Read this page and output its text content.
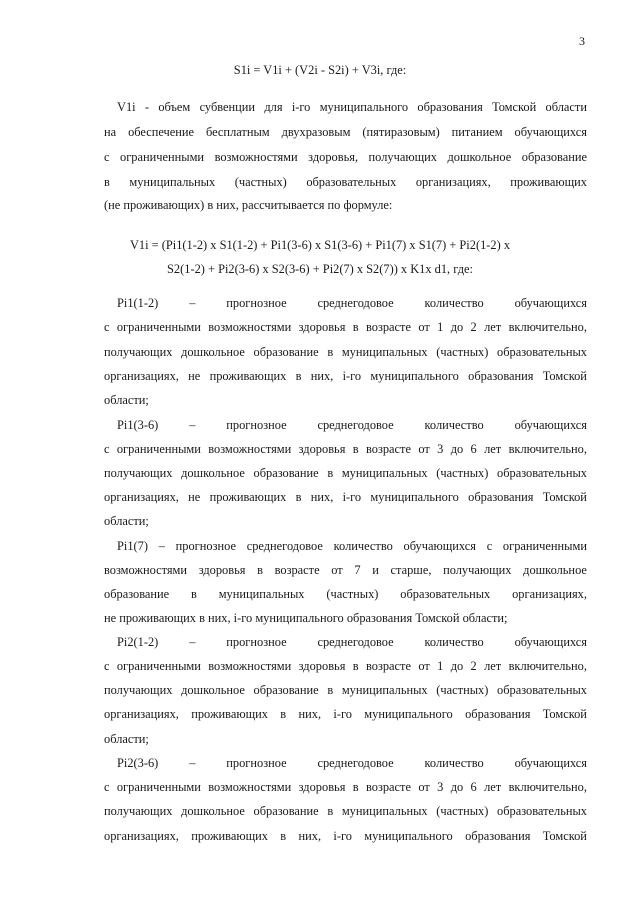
3
S1i = V1i + (V2i - S2i) + V3i, где:
V1i - объем субвенции для i-го муниципального образования Томской области
на обеспечение бесплатным двухразовым (пятиразовым) питанием обучающихся
с ограниченными возможностями здоровья, получающих дошкольное образование
в муниципальных (частных) образовательных организациях, проживающих
(не проживающих) в них, рассчитывается по формуле:
V1i = (Pi1(1-2) x S1(1-2) + Pi1(3-6) x S1(3-6) + Pi1(7) x S1(7) + Pi2(1-2) x
S2(1-2) + Pi2(3-6) x S2(3-6) + Pi2(7) x S2(7)) x K1x d1, где:
Pi1(1-2) – прогнозное среднегодовое количество обучающихся
с ограниченными возможностями здоровья в возрасте от 1 до 2 лет включительно,
получающих дошкольное образование в муниципальных (частных) образовательных
организациях, не проживающих в них, i-го муниципального образования Томской
области;
Pi1(3-6) – прогнозное среднегодовое количество обучающихся
с ограниченными возможностями здоровья в возрасте от 3 до 6 лет включительно,
получающих дошкольное образование в муниципальных (частных) образовательных
организациях, не проживающих в них, i-го муниципального образования Томской
области;
Pi1(7) – прогнозное среднегодовое количество обучающихся с ограниченными
возможностями здоровья в возрасте от 7 и старше, получающих дошкольное
образование в муниципальных (частных) образовательных организациях,
не проживающих в них, i-го муниципального образования Томской области;
Pi2(1-2) – прогнозное среднегодовое количество обучающихся
с ограниченными возможностями здоровья в возрасте от 1 до 2 лет включительно,
получающих дошкольное образование в муниципальных (частных) образовательных
организациях, проживающих в них, i-го муниципального образования Томской
области;
Pi2(3-6) – прогнозное среднегодовое количество обучающихся
с ограниченными возможностями здоровья в возрасте от 3 до 6 лет включительно,
получающих дошкольное образование в муниципальных (частных) образовательных
организациях, проживающих в них, i-го муниципального образования Томской
